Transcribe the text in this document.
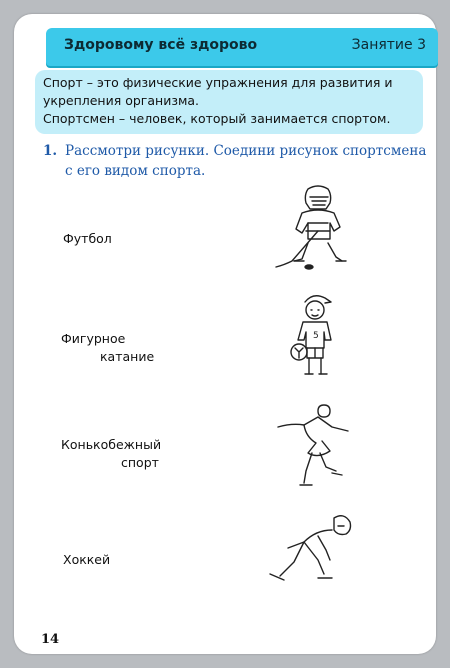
Здоровому всё здорово	Занятие 3
Спорт – это физические упражнения для развития и
укрепления организма.
Спортсмен – человек, который занимается спортом.
1. Рассмотри рисунки. Соедини рисунок спортсмена
с его видом спорта.
Футбол
Фигурное
катание
Конькобежный
спорт
Хоккей
5
14
